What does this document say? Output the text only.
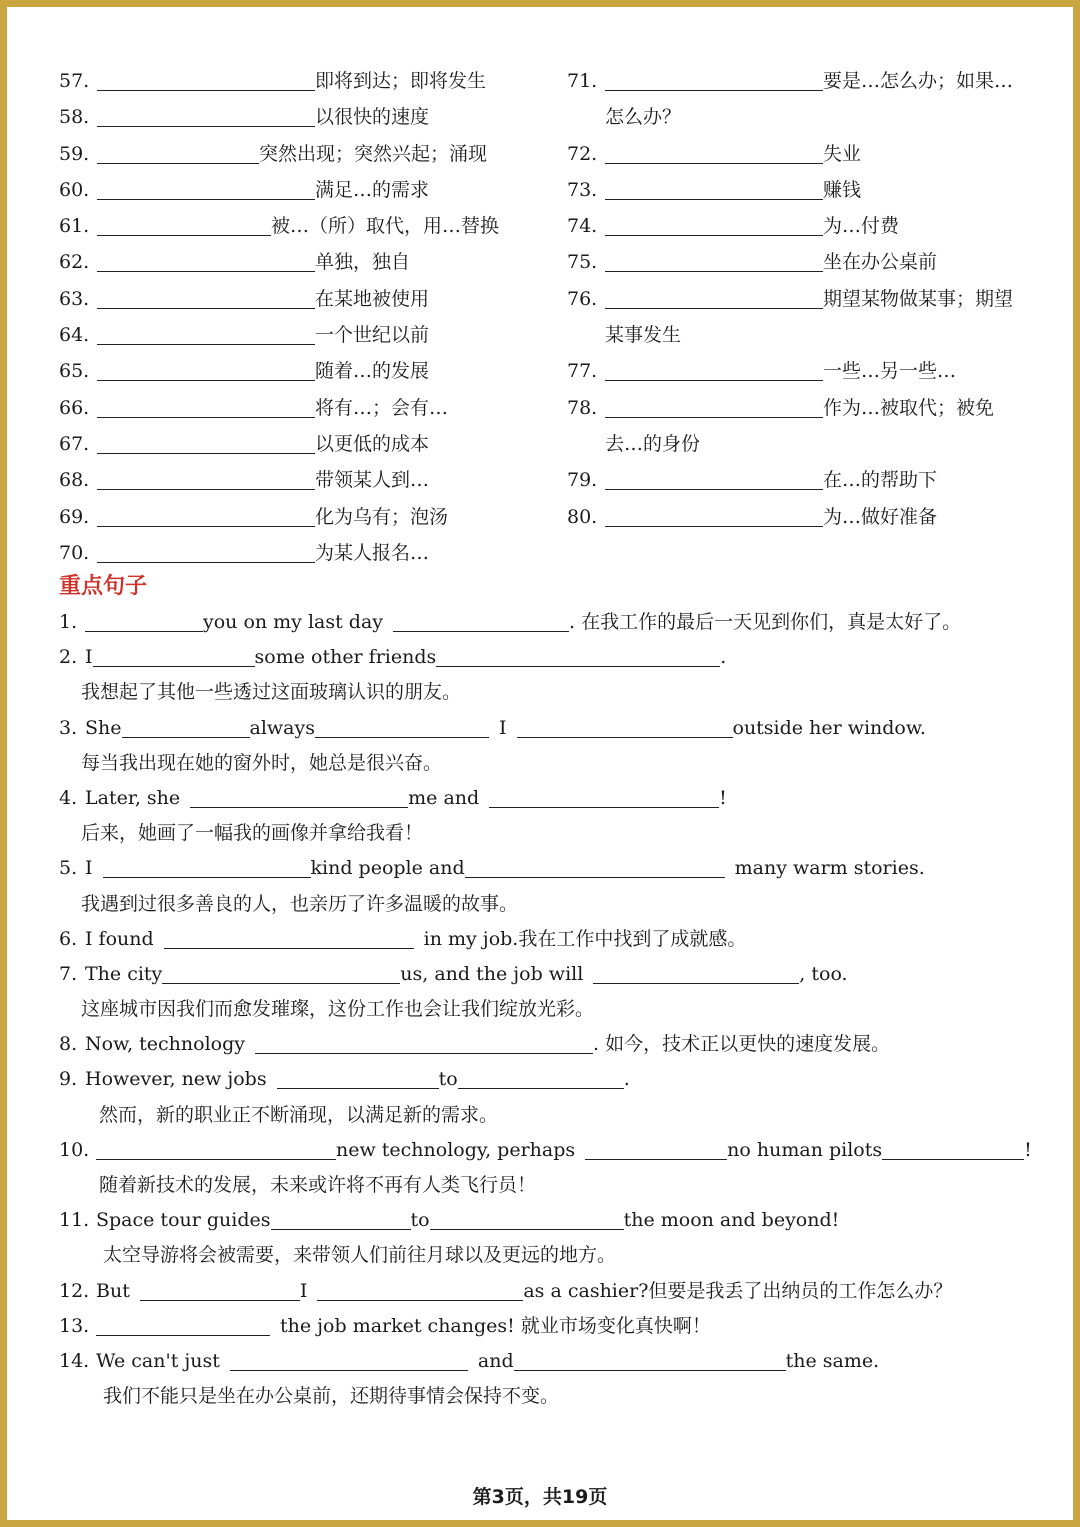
57.	即将到达；即将发生
58.	以很快的速度
59.	突然出现；突然兴起；涌现
60.	满足…的需求
61.	被…（所）取代，用…替换
62.	单独，独自
63.	在某地被使用
64.	一个世纪以前
65.	随着…的发展
66.	将有…；会有…
67.	以更低的成本
68.	带领某人到…
69.	化为乌有；泡汤
70.	为某人报名…
71.	要是…怎么办；如果…
怎么办？
72.	失业
73.	赚钱
74.	为…付费
75.	坐在办公桌前
76.	期望某物做某事；期望
某事发生
77.	一些…另一些…
78.	作为…被取代；被免
去…的身份
79.	在…的帮助下
80.	为…做好准备
重点句子
1.	you on my last day	. 在我工作的最后一天见到你们，真是太好了。
2. I	some other friends	.
我想起了其他一些透过这面玻璃认识的朋友。
3. She	always	I	outside her window.
每当我出现在她的窗外时，她总是很兴奋。
4. Later, she	me and	!
后来，她画了一幅我的画像并拿给我看！
5. I	kind people and	many warm stories.
我遇到过很多善良的人，也亲历了许多温暖的故事。
6. I found	in my job.我在工作中找到了成就感。
7. The city	us, and the job will	, too.
这座城市因我们而愈发璀璨，这份工作也会让我们绽放光彩。
8. Now, technology	. 如今，技术正以更快的速度发展。
9. However, new jobs	to	.
然而，新的职业正不断涌现，以满足新的需求。
10.	new technology, perhaps	no human pilots	!
随着新技术的发展，未来或许将不再有人类飞行员！
11. Space tour guides	to	the moon and beyond!
太空导游将会被需要，来带领人们前往月球以及更远的地方。
12. But	I	as a cashier?但要是我丢了出纳员的工作怎么办？
13.	the job market changes! 就业市场变化真快啊！
14. We can't just	and	the same.
我们不能只是坐在办公桌前，还期待事情会保持不变。
第3页，共19页
